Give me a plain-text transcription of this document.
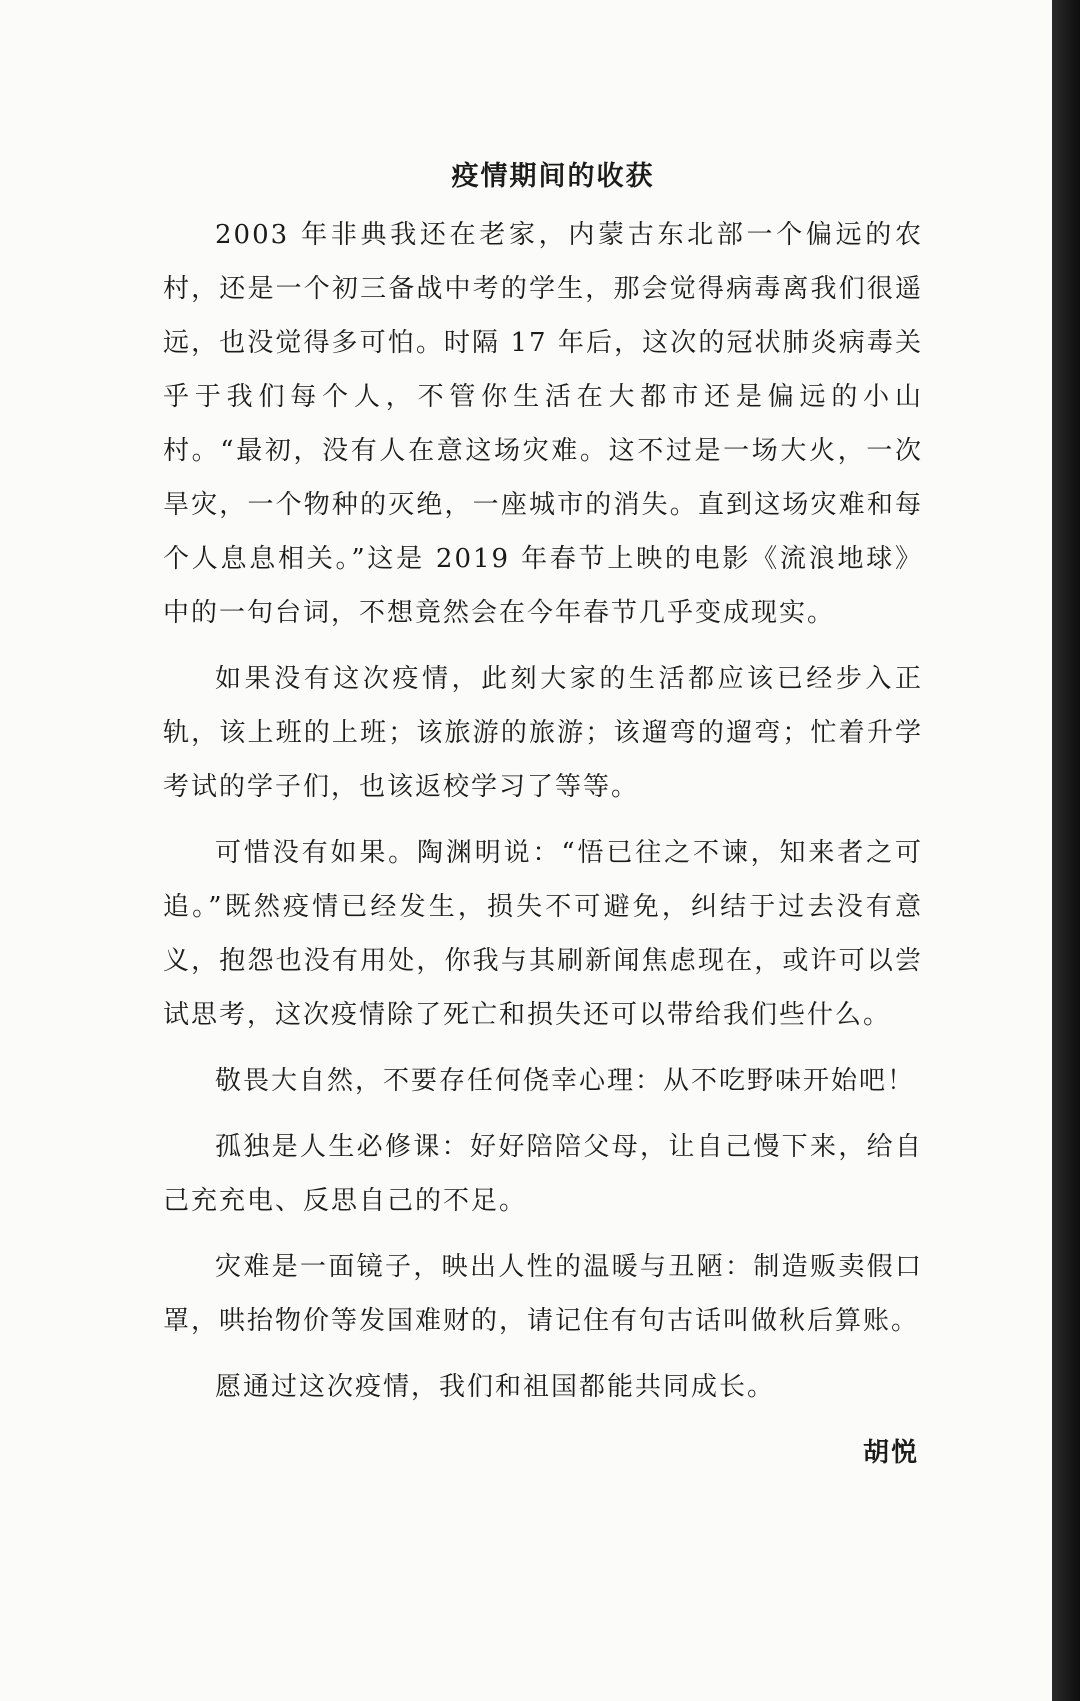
疫情期间的收获

2003 年非典我还在老家，内蒙古东北部一个偏远的农村，还是一个初三备战中考的学生，那会觉得病毒离我们很遥远，也没觉得多可怕。时隔 17 年后，这次的冠状肺炎病毒关乎于我们每个人，不管你生活在大都市还是偏远的小山村。“最初，没有人在意这场灾难。这不过是一场大火，一次旱灾，一个物种的灭绝，一座城市的消失。直到这场灾难和每个人息息相关。”这是 2019 年春节上映的电影《流浪地球》中的一句台词，不想竟然会在今年春节几乎变成现实。

如果没有这次疫情，此刻大家的生活都应该已经步入正轨，该上班的上班；该旅游的旅游；该遛弯的遛弯；忙着升学考试的学子们，也该返校学习了等等。

可惜没有如果。陶渊明说：“悟已往之不谏，知来者之可追。”既然疫情已经发生，损失不可避免，纠结于过去没有意义，抱怨也没有用处，你我与其刷新闻焦虑现在，或许可以尝试思考，这次疫情除了死亡和损失还可以带给我们些什么。

敬畏大自然，不要存任何侥幸心理：从不吃野味开始吧！

孤独是人生必修课：好好陪陪父母，让自己慢下来，给自己充充电、反思自己的不足。

灾难是一面镜子，映出人性的温暖与丑陋：制造贩卖假口罩，哄抬物价等发国难财的，请记住有句古话叫做秋后算账。

愿通过这次疫情，我们和祖国都能共同成长。

胡悦
